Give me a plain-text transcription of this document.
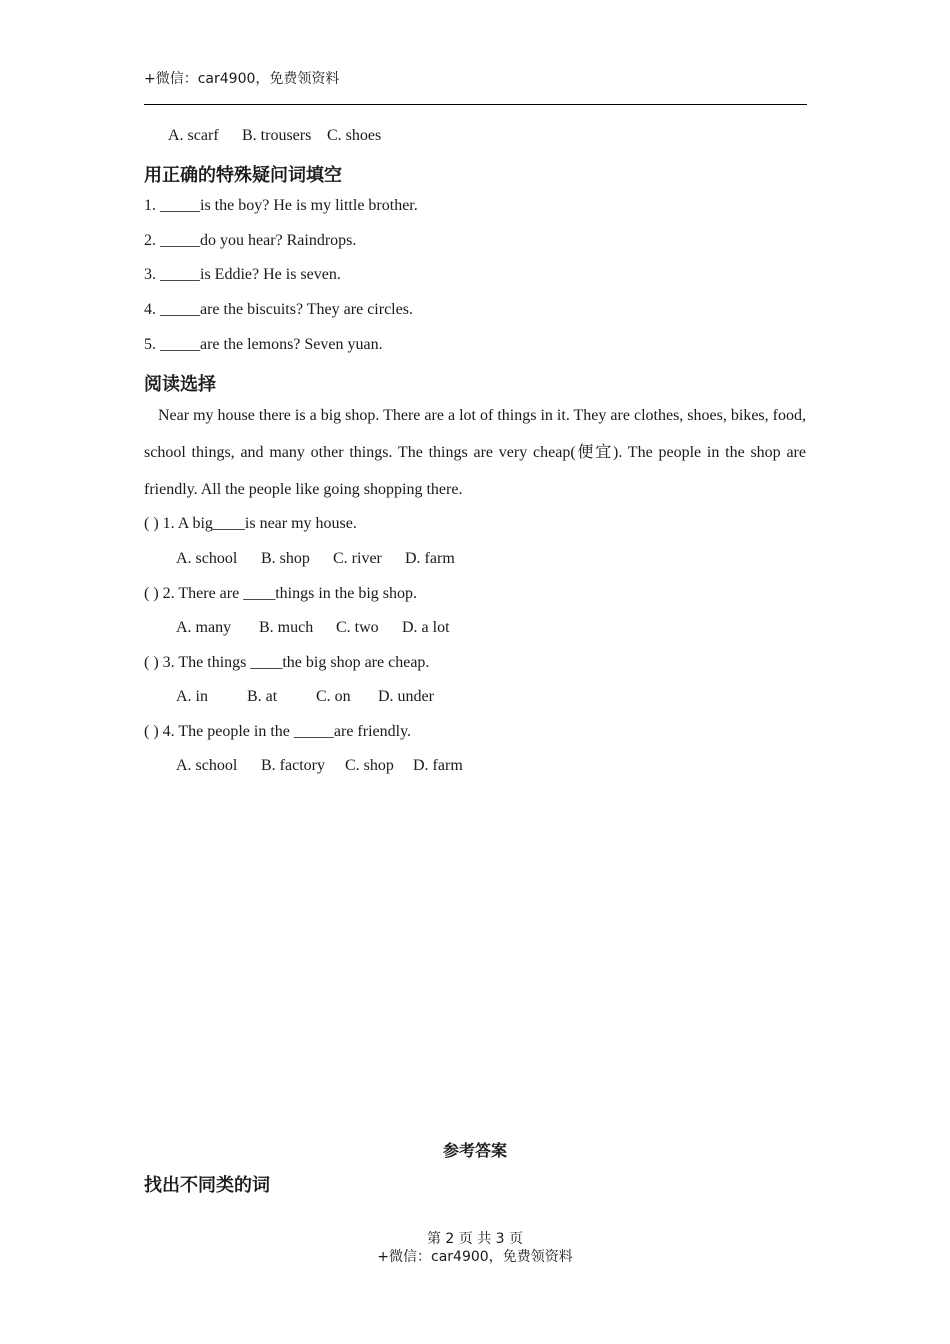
+微信：car4900，免费领资料
A. scarf B. trousers C. shoes
用正确的特殊疑问词填空
1. _____is the boy? He is my little brother.
2. _____do you hear? Raindrops.
3. _____is Eddie? He is seven.
4. _____are the biscuits? They are circles.
5. _____are the lemons? Seven yuan.
阅读选择
Near my house there is a big shop. There are a lot of things in it. They are clothes, shoes, bikes, food, school things, and many other things. The things are very cheap(便宜). The people in the shop are friendly. All the people like going shopping there.
( ) 1. A big____is near my house.
A. school B. shop C. river D. farm
( ) 2. There are ____things in the big shop.
A. many B. much C. two D. a lot
( ) 3. The things ____the big shop are cheap.
A. in B. at C. on D. under
( ) 4. The people in the _____are friendly.
A. school B. factory C. shop D. farm
参考答案
找出不同类的词
第 2 页 共 3 页
+微信：car4900，免费领资料
